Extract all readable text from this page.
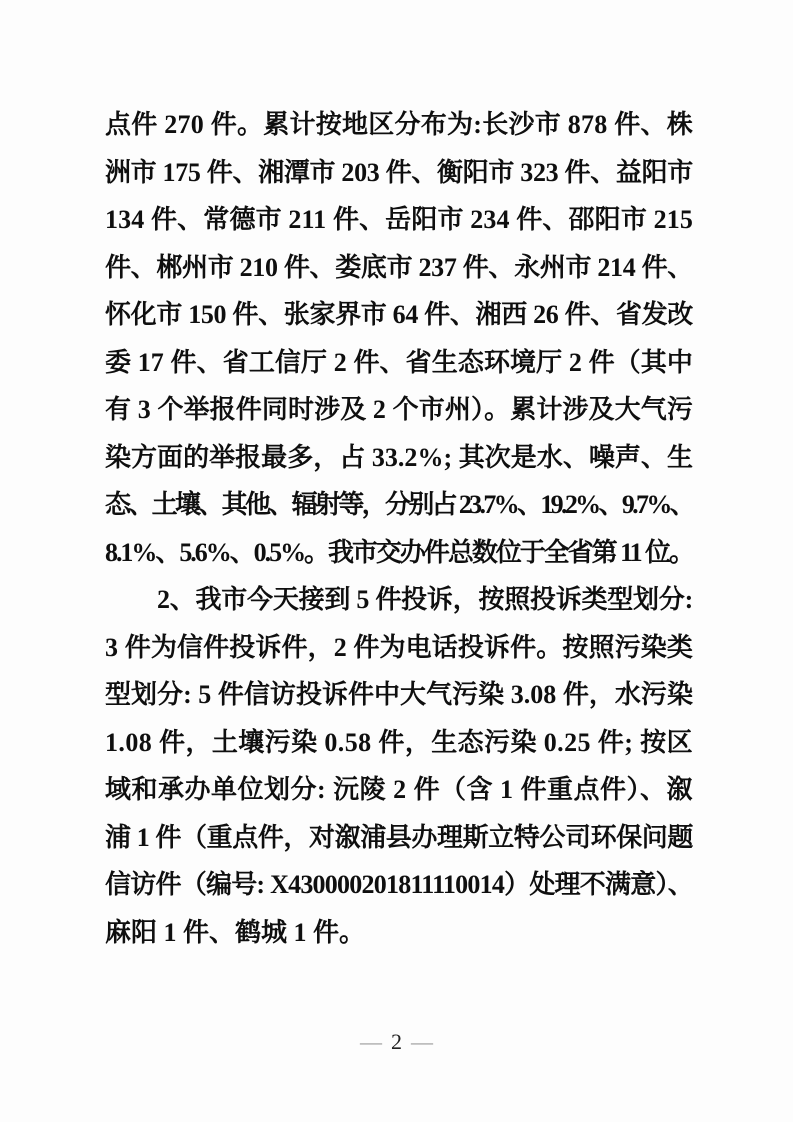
点件 270 件。累计按地区分布为:长沙市 878 件、株
洲市 175 件、湘潭市 203 件、衡阳市 323 件、益阳市
134 件、常德市 211 件、岳阳市 234 件、邵阳市 215
件、郴州市 210 件、娄底市 237 件、永州市 214 件、
怀化市 150 件、张家界市 64 件、湘西 26 件、省发改
委 17 件、省工信厅 2 件、省生态环境厅 2 件（其中
有 3 个举报件同时涉及 2 个市州）。累计涉及大气污
染方面的举报最多，占 33.2%; 其次是水、噪声、生
态、土壤、其他、辐射等，分别占 23.7%、19.2%、9.7%、
8.1%、5.6%、0.5%。我市交办件总数位于全省第 11 位。
2、我市今天接到 5 件投诉，按照投诉类型划分:
3 件为信件投诉件，2 件为电话投诉件。按照污染类
型划分: 5 件信访投诉件中大气污染 3.08 件，水污染
1.08 件，土壤污染 0.58 件，生态污染 0.25 件; 按区
域和承办单位划分: 沅陵 2 件（含 1 件重点件）、溆
浦 1 件（重点件，对溆浦县办理斯立特公司环保问题
信访件（编号: X430000201811110014）处理不满意）、
麻阳 1 件、鹤城 1 件。
— 2 —
